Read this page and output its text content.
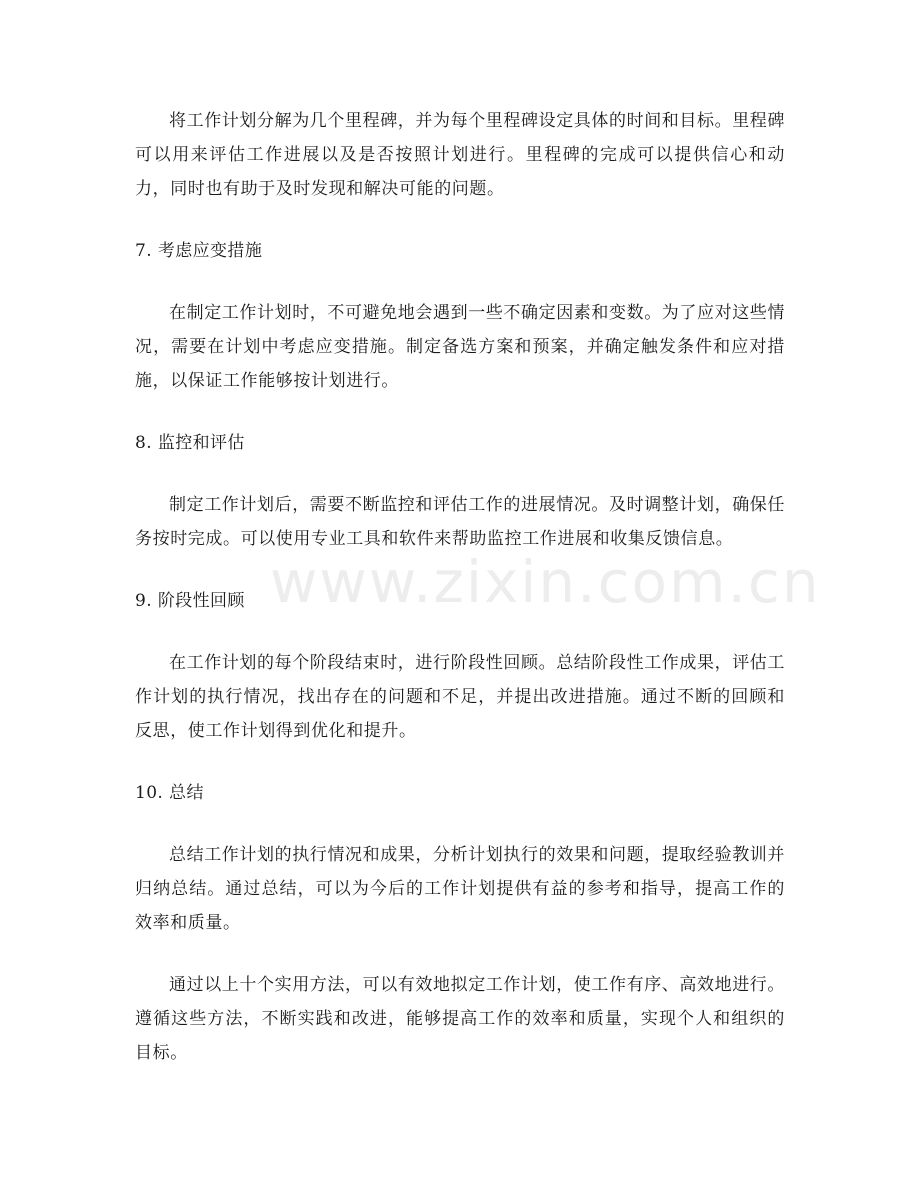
将工作计划分解为几个里程碑，并为每个里程碑设定具体的时间和目标。里程碑可以用来评估工作进展以及是否按照计划进行。里程碑的完成可以提供信心和动力，同时也有助于及时发现和解决可能的问题。

7. 考虑应变措施

在制定工作计划时，不可避免地会遇到一些不确定因素和变数。为了应对这些情况，需要在计划中考虑应变措施。制定备选方案和预案，并确定触发条件和应对措施，以保证工作能够按计划进行。

8. 监控和评估

制定工作计划后，需要不断监控和评估工作的进展情况。及时调整计划，确保任务按时完成。可以使用专业工具和软件来帮助监控工作进展和收集反馈信息。

9. 阶段性回顾

在工作计划的每个阶段结束时，进行阶段性回顾。总结阶段性工作成果，评估工作计划的执行情况，找出存在的问题和不足，并提出改进措施。通过不断的回顾和反思，使工作计划得到优化和提升。

10. 总结

总结工作计划的执行情况和成果，分析计划执行的效果和问题，提取经验教训并归纳总结。通过总结，可以为今后的工作计划提供有益的参考和指导，提高工作的效率和质量。

通过以上十个实用方法，可以有效地拟定工作计划，使工作有序、高效地进行。遵循这些方法，不断实践和改进，能够提高工作的效率和质量，实现个人和组织的目标。

www.zixin.com.cn
